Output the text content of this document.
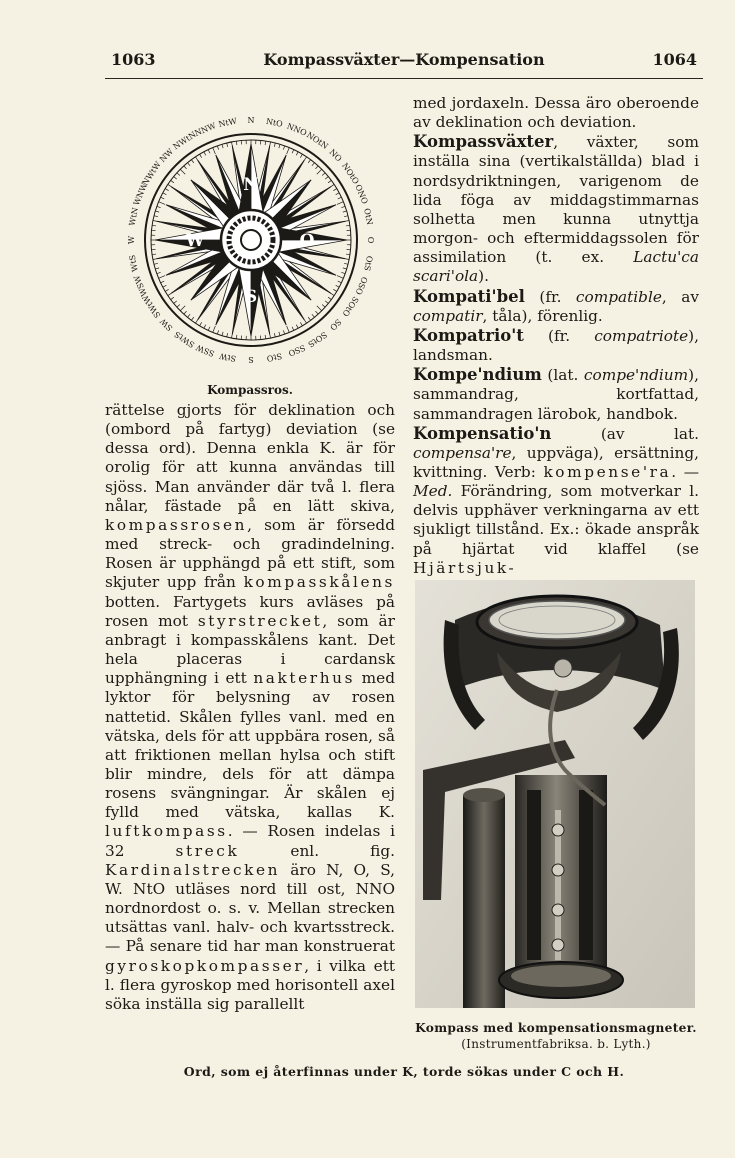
1063	Kompassväxter—Kompensation	1064
N
O
S
W
N NtO NNO
NOtN
NO
NOtO
ONO
OtN
O
OtS
OSO
SOtO
SO
SOtS
SSO
StO
S
StW
SSW
SWtS
SW
SWtW
WSW
WtS
W
WtN
WNW
NWtW
NW
NWtN
NNW NtW
Kompassros.

rättelse gjorts för deklination och (ombord på fartyg) deviation (se dessa ord). Denna enkla K. är för orolig för att kunna användas till sjöss. Man använder där två l. flera nålar, fästade på en lätt skiva, kompassrosen, som är försedd med streck- och gradindelning. Rosen är upphängd på ett stift, som skjuter upp från kompasskålens botten. Fartygets kurs avläses på rosen mot styrstrecket, som är anbragt i kompasskålens kant. Det hela placeras i cardansk upphängning i ett nakterhus med lyktor för belysning av rosen nattetid. Skålen fylles vanl. med en vätska, dels för att uppbära rosen, så att friktionen mellan hylsa och stift blir mindre, dels för att dämpa rosens svängningar. Är skålen ej fylld med vätska, kallas K. luftkompass. — Rosen indelas i 32	streck	enl. fig. Kardinalstrecken äro N, O, S, W. NtO utläses nord till ost, NNO nordnordost o. s. v. Mellan strecken utsättas vanl. halv- och kvartsstreck. — På senare tid har man konstruerat gyroskopkompasser, i vilka ett l. flera gyroskop med horisontell axel söka inställa sig parallellt

med jordaxeln. Dessa äro oberoende av deklination och deviation.

Kompassväxter, växter, som inställa sina (vertikalställda) blad i nordsydriktningen, varigenom de lida föga av middagstimmarnas solhetta men kunna utnyttja morgon- och eftermiddagssolen för assimilation (t. ex. Lactu'ca scari'ola).

Kompati'bel (fr. compatible, av compatir, tåla), förenlig.

Kompatrio't (fr. compatriote), landsman.

Kompe'ndium (lat. compe'ndium), sammandrag, kortfattad, sammandragen lärobok, handbok.

Kompensatio'n	(av lat. compensa're, uppväga), ersättning, kvittning. Verb: kompense'ra. — Med. Förändring, som motverkar l. delvis upphäver verkningarna av ett sjukligt tillstånd. Ex.: ökade anspråk på hjärtat vid klaffel (se Hjärtsjuk-

Kompass med kompensationsmagneter.
(Instrumentfabriksa. b. Lyth.)
Ord, som ej återfinnas under K, torde sökas under C och H.
